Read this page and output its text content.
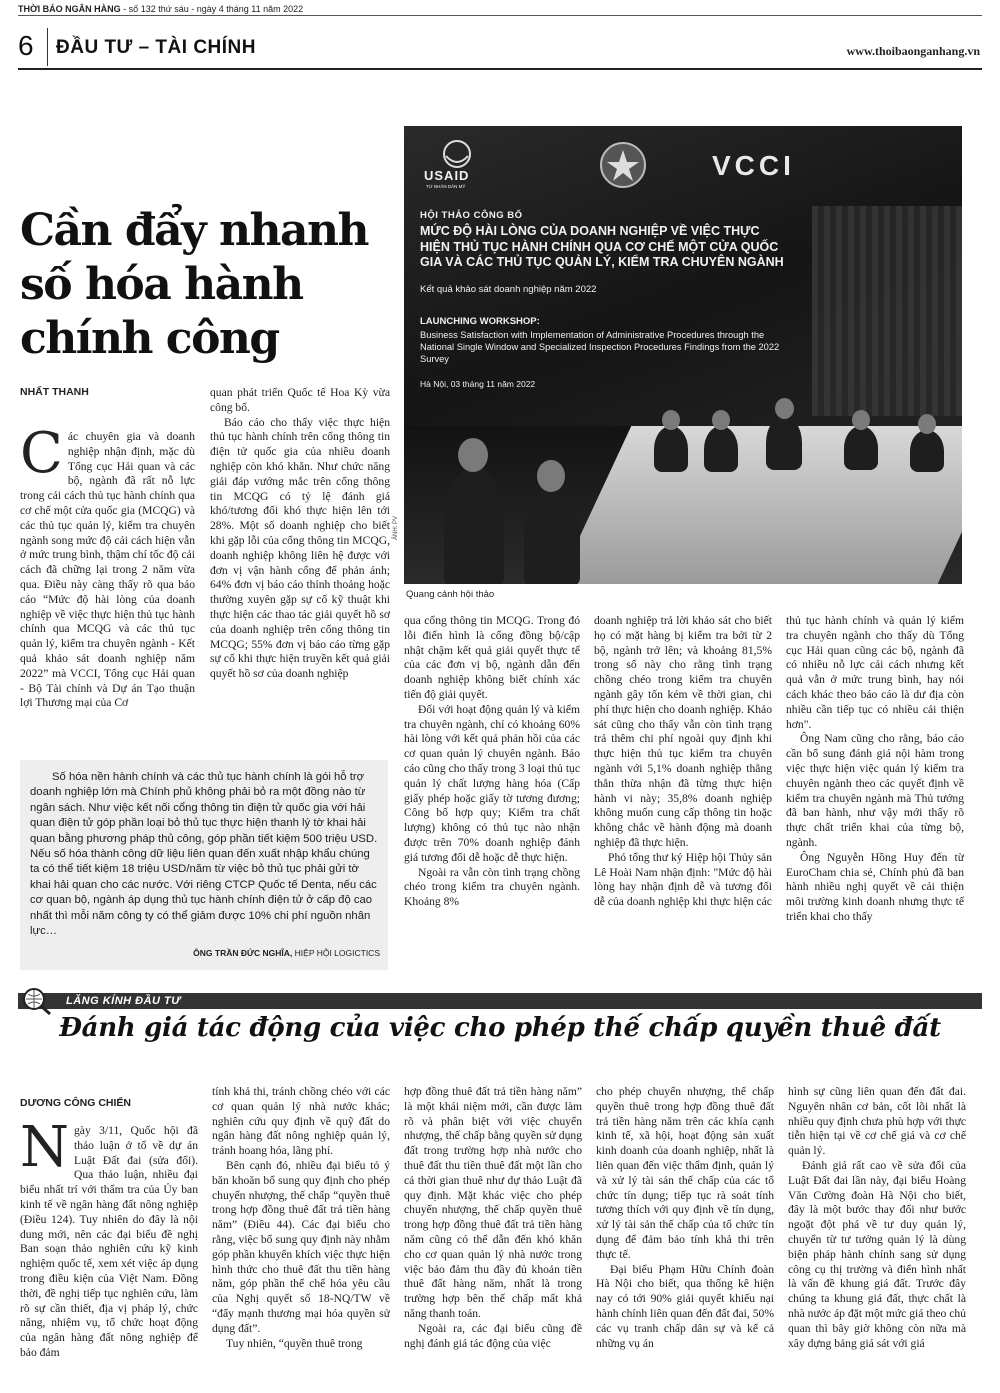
THỜI BÁO NGÂN HÀNG - số 132 thứ sáu - ngày 4 tháng 11 năm 2022
6 ĐẦU TƯ – TÀI CHÍNH	www.thoibaonganhang.vn
Cần đẩy nhanh số hóa hành chính công
NHẤT THANH

Các chuyên gia và doanh nghiệp nhận định, mặc dù Tổng cục Hải quan và các bộ, ngành đã rất nỗ lực trong cải cách thủ tục hành chính qua cơ chế một cửa quốc gia (MCQG) và các thủ tục quản lý, kiểm tra chuyên ngành song mức độ cải cách hiện vẫn ở mức trung bình, thậm chí tốc độ cải cách đã chững lại trong 2 năm vừa qua. Điều này càng thấy rõ qua báo cáo “Mức độ hài lòng của doanh nghiệp về việc thực hiện thủ tục hành chính qua MCQG và các thủ tục quản lý, kiểm tra chuyên ngành - Kết quả khảo sát doanh nghiệp năm 2022” mà VCCI, Tổng cục Hải quan - Bộ Tài chính và Dự án Tạo thuận lợi Thương mại của Cơ

quan phát triển Quốc tế Hoa Kỳ vừa công bố.

Báo cáo cho thấy việc thực hiện thủ tục hành chính trên cổng thông tin điện tử quốc gia của nhiều doanh nghiệp còn khó khăn. Như chức năng giải đáp vướng mắc trên cổng thông tin MCQG có tỷ lệ đánh giá khó/tương đối khó thực hiện lên tới 28%. Một số doanh nghiệp cho biết khi gặp lỗi của cổng thông tin MCQG, doanh nghiệp không liên hệ được với đơn vị vận hành cổng để phản ánh; 64% đơn vị báo cáo thỉnh thoảng hoặc thường xuyên gặp sự cố kỹ thuật khi thực hiện các thao tác giải quyết hồ sơ của doanh nghiệp trên cổng thông tin MCQG; 55% đơn vị báo cáo từng gặp sự cố khi thực hiện truyền kết quả giải quyết hồ sơ của doanh nghiệp

USAID
TỪ NHÂN DÂN MỸ
VCCI
HỘI THẢO CÔNG BỐ
MỨC ĐỘ HÀI LÒNG CỦA DOANH NGHIỆP VỀ VIỆC THỰC HIỆN THỦ TỤC HÀNH CHÍNH QUA CƠ CHẾ MỘT CỬA QUỐC GIA VÀ CÁC THỦ TỤC QUẢN LÝ, KIỂM TRA CHUYÊN NGÀNH
Kết quả khảo sát doanh nghiệp năm 2022
LAUNCHING WORKSHOP:
Business Satisfaction with Implementation of Administrative Procedures through the National Single Window and Specialized Inspection Procedures Findings from the 2022 Survey
Hà Nội, 03 tháng 11 năm 2022
ẢNH: PV
Quang cảnh hội thảo

qua cổng thông tin MCQG. Trong đó lỗi điển hình là cổng đồng bộ/cập nhật chậm kết quả giải quyết thực tế của các đơn vị bộ, ngành dẫn đến doanh nghiệp không biết chính xác tiến độ giải quyết.

Đối với hoạt động quản lý và kiểm tra chuyên ngành, chỉ có khoảng 60% hài lòng với kết quả phản hồi của các cơ quan quản lý chuyên ngành. Báo cáo cũng cho thấy trong 3 loại thủ tục quản lý chất lượng hàng hóa (Cấp giấy phép hoặc giấy tờ tương đương; Công bố hợp quy; Kiểm tra chất lượng) không có thủ tục nào nhận được trên 70% doanh nghiệp đánh giá tương đối dễ hoặc dễ thực hiện.

Ngoài ra vẫn còn tình trạng chồng chéo trong kiểm tra chuyên ngành. Khoảng 8%

doanh nghiệp trả lời khảo sát cho biết họ có mặt hàng bị kiểm tra bởi từ 2 bộ, ngành trở lên; và khoảng 81,5% trong số này cho rằng tình trạng chồng chéo trong kiểm tra chuyên ngành gây tốn kém về thời gian, chi phí thực hiện cho doanh nghiệp. Khảo sát cũng cho thấy vẫn còn tình trạng trả thêm chi phí ngoài quy định khi thực hiện thủ tục kiểm tra chuyên ngành với 5,1% doanh nghiệp thẳng thắn thừa nhận đã từng thực hiện hành vi này; 35,8% doanh nghiệp không muốn cung cấp thông tin hoặc không chắc về hành động mà doanh nghiệp đã thực hiện.

Phó tổng thư ký Hiệp hội Thủy sản Lê Hoài Nam nhận định: "Mức độ hài lòng hay nhận định dễ và tương đối dễ của doanh nghiệp khi thực hiện các

thủ tục hành chính và quản lý kiểm tra chuyên ngành cho thấy dù Tổng cục Hải quan cũng các bộ, ngành đã có nhiều nỗ lực cải cách nhưng kết quả vẫn ở mức trung bình, hay nói cách khác theo báo cáo là dư địa còn nhiều cần tiếp tục có nhiều cải thiện hơn".

Ông Nam cũng cho rằng, báo cáo cần bổ sung đánh giá nội hàm trong việc thực hiện việc quản lý kiểm tra chuyên ngành theo các quyết định về kiểm tra chuyên ngành mà Thủ tướng đã ban hành, như vậy mới thấy rõ thực chất triển khai của từng bộ, ngành.

Ông Nguyễn Hồng Huy đến từ EuroCham chia sẻ, Chính phủ đã ban hành nhiều nghị quyết về cải thiện môi trường kinh doanh nhưng thực tế triển khai cho thấy

Số hóa nền hành chính và các thủ tục hành chính là gói hỗ trợ doanh nghiệp lớn mà Chính phủ không phải bỏ ra một đồng nào từ ngân sách. Như việc kết nối cổng thông tin điện tử quốc gia với hải quan điện tử góp phần loại bỏ thủ tục thực hiện thanh lý tờ khai hải quan bằng phương pháp thủ công, góp phần tiết kiệm 500 triệu USD. Nếu số hóa thành công dữ liệu liên quan đến xuất nhập khẩu chúng ta có thể tiết kiệm 18 triệu USD/năm từ việc bỏ thủ tục phải gửi tờ khai hải quan cho các nước. Với riêng CTCP Quốc tế Denta, nếu các cơ quan bộ, ngành áp dụng thủ tục hành chính điện tử ở cấp độ cao nhất thì mỗi năm công ty có thể giảm được 10% chi phí nguồn nhân lực…

ÔNG TRẦN ĐỨC NGHĨA, HIỆP HỘI LOGICTICS
LĂNG KÍNH ĐẦU TƯ
Đánh giá tác động của việc cho phép thế chấp quyền thuê đất
DƯƠNG CÔNG CHIẾN

Ngày 3/11, Quốc hội đã thảo luận ở tổ về dự án Luật Đất đai (sửa đổi). Qua thảo luận, nhiều đại biểu nhất trí với thẩm tra của Ủy ban kinh tế về ngân hàng đất nông nghiệp (Điều 124). Tuy nhiên do đây là nội dung mới, nên các đại biểu đề nghị Ban soạn thảo nghiên cứu kỹ kinh nghiệm quốc tế, xem xét việc áp dụng trong điều kiện của Việt Nam. Đồng thời, đề nghị tiếp tục nghiên cứu, làm rõ sự cần thiết, địa vị pháp lý, chức năng, nhiệm vụ, tổ chức hoạt động của ngân hàng đất nông nghiệp để bảo đảm

tính khả thi, tránh chồng chéo với các cơ quan quản lý nhà nước khác; nghiên cứu quy định về quỹ đất do ngân hàng đất nông nghiệp quản lý, tránh hoang hóa, lãng phí.

Bên cạnh đó, nhiều đại biểu tỏ ý băn khoăn bổ sung quy định cho phép chuyển nhượng, thế chấp “quyền thuê trong hợp đồng thuê đất trả tiền hàng năm” (Điều 44). Các đại biểu cho rằng, việc bổ sung quy định này nhằm góp phần khuyến khích việc thực hiện hình thức cho thuê đất thu tiền hàng năm, góp phần thể chế hóa yêu cầu của Nghị quyết số 18-NQ/TW về “đẩy mạnh thương mại hóa quyền sử dụng đất”.

Tuy nhiên, “quyền thuê trong

hợp đồng thuê đất trả tiền hàng năm” là một khái niệm mới, cần được làm rõ và phân biệt với việc chuyển nhượng, thế chấp bằng quyền sử dụng đất trong trường hợp nhà nước cho thuê đất thu tiền thuê đất một lần cho cả thời gian thuê như dự thảo Luật đã quy định. Mặt khác việc cho phép chuyển nhượng, thế chấp quyền thuê trong hợp đồng thuê đất trả tiền hàng năm cũng có thể dẫn đến khó khăn cho cơ quan quản lý nhà nước trong việc bảo đảm thu đầy đủ khoản tiền thuê đất hàng năm, nhất là trong trường hợp bên thế chấp mất khả năng thanh toán.

Ngoài ra, các đại biểu cũng đề nghị đánh giá tác động của việc

cho phép chuyển nhượng, thế chấp quyền thuê trong hợp đồng thuê đất trả tiền hàng năm trên các khía cạnh kinh tế, xã hội, hoạt động sản xuất kinh doanh của doanh nghiệp, nhất là liên quan đến việc thẩm định, quản lý và xử lý tài sản thế chấp của các tổ chức tín dụng; tiếp tục rà soát tính tương thích với quy định về tín dụng, xử lý tài sản thế chấp của tổ chức tín dụng để đảm bảo tính khả thi trên thực tế.

Đại biểu Phạm Hữu Chính đoàn Hà Nội cho biết, qua thống kê hiện nay có tới 90% giải quyết khiếu nại hành chính liên quan đến đất đai, 50% các vụ tranh chấp dân sự và kể cả những vụ án

hình sự cũng liên quan đến đất đai. Nguyên nhân cơ bản, cốt lõi nhất là nhiều quy định chưa phù hợp với thực tiễn hiện tại về cơ chế giá và cơ chế quản lý.

Đánh giá rất cao về sửa đổi của Luật Đất đai lần này, đại biểu Hoàng Văn Cường đoàn Hà Nội cho biết, đây là một bước thay đổi như bước ngoặt đột phá về tư duy quản lý, chuyển từ tư tưởng quản lý là dùng biện pháp hành chính sang sử dụng công cụ thị trường và điển hình nhất là vấn đề khung giá đất. Trước đây chúng ta khung giá đất, thực chất là nhà nước áp đặt một mức giá theo chủ quan thì bây giờ không còn nữa mà xây dựng bảng giá sát với giá
